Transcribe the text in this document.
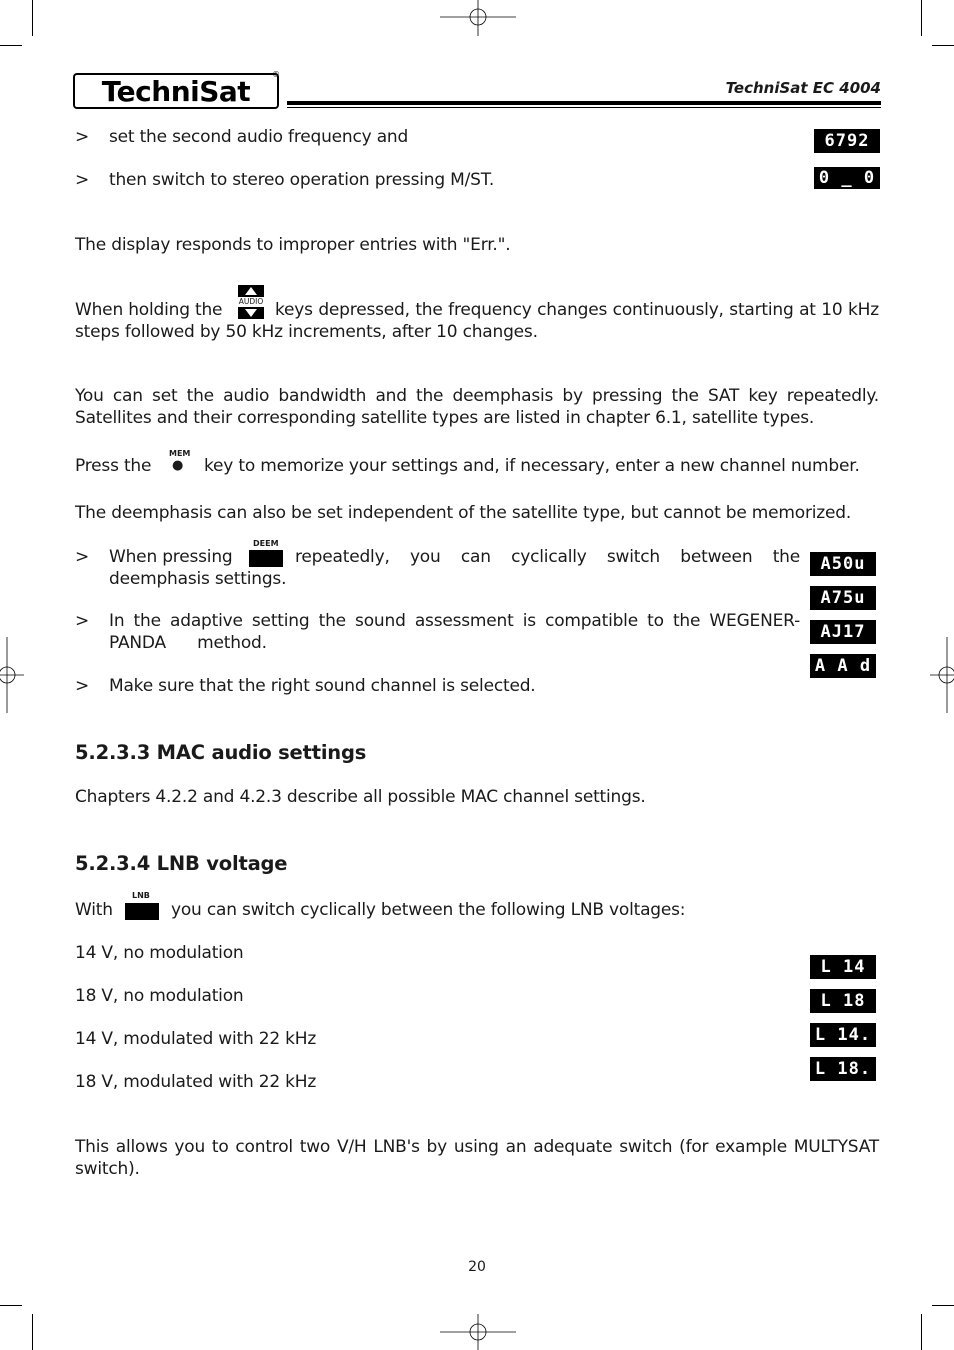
TechniSat	®
TechniSat EC 4004
> set the second audio frequency and
> then switch to stereo operation pressing M/ST.
6792
0 _ 0
The display responds to improper entries with "Err.".
AUDIO
When holding the	keys depressed, the frequency changes continuously, starting at 10 kHz steps followed by 50 kHz increments, after 10 changes.
You can set the audio bandwidth and the deemphasis by pressing the SAT key repeatedly. Satellites and their corresponding satellite types are listed in chapter 6.1, satellite types.
Press the
MEM
● key to memorize your settings and, if necessary, enter a new channel number.
The deemphasis can also be set independent of the satellite type, but cannot be memorized.
DEEM
> When pressing	repeatedly, you can cyclically switch between the deemphasis settings.
> In the adaptive setting the sound assessment is compatible to the WEGENER-PANDA      method.
> Make sure that the right sound channel is selected.
A50u
A75u
AJ17
A A d
5.2.3.3 MAC audio settings
Chapters 4.2.2 and 4.2.3 describe all possible MAC channel settings.
5.2.3.4 LNB voltage
LNB
With	you can switch cyclically between the following LNB voltages:
14 V, no modulation
18 V, no modulation
14 V, modulated with 22 kHz
18 V, modulated with 22 kHz
L 14
L 18
L 14.
L 18.
This allows you to control two V/H LNB's by using an adequate switch (for example MULTYSAT switch).
20
